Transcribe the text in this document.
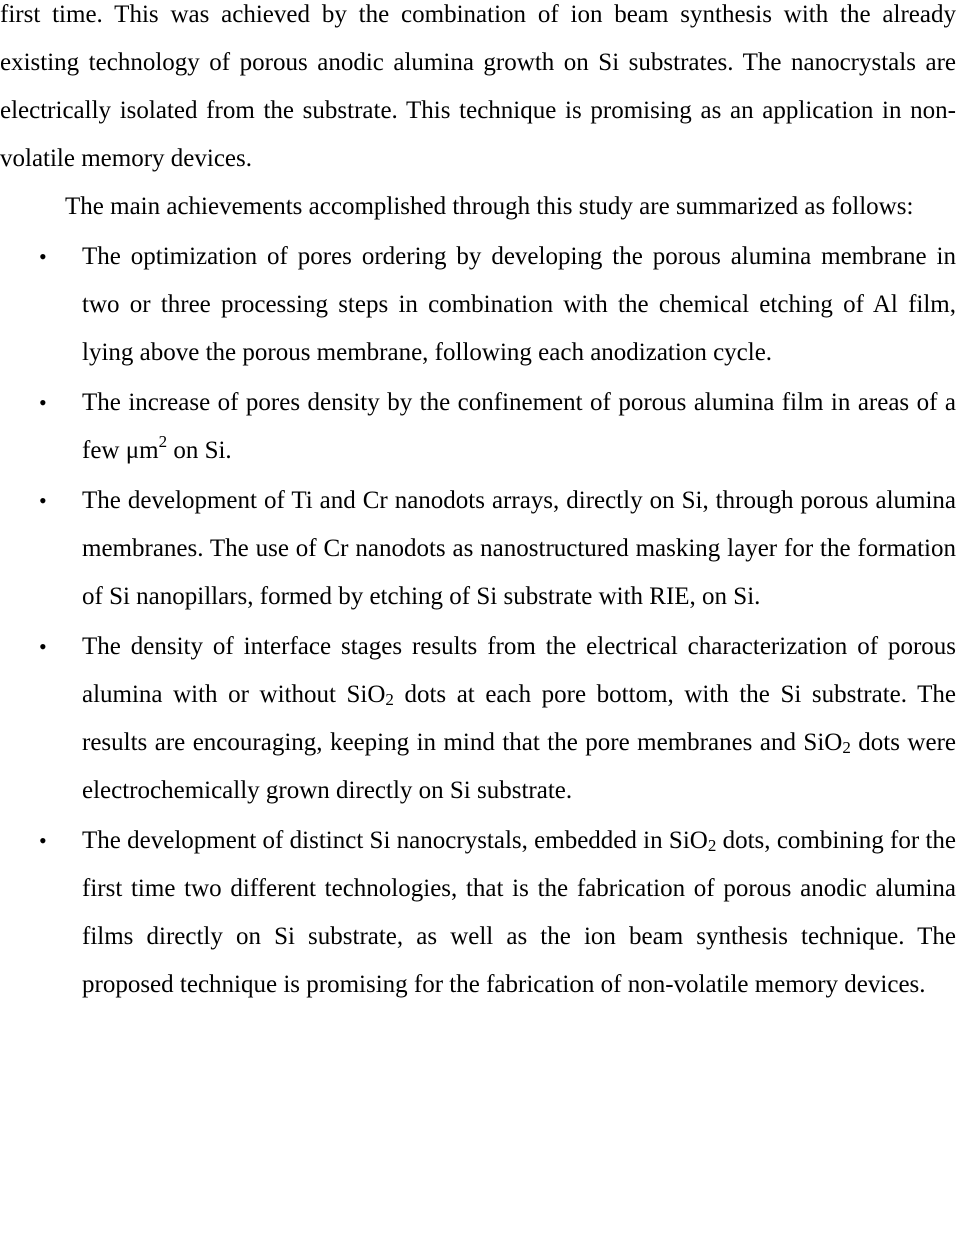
first time. This was achieved by the combination of ion beam synthesis with the already existing technology of porous anodic alumina growth on Si substrates. The nanocrystals are electrically isolated from the substrate. This technique is promising as an application in non-volatile memory devices.

The main achievements accomplished through this study are summarized as follows:

• The optimization of pores ordering by developing the porous alumina membrane in two or three processing steps in combination with the chemical etching of Al film, lying above the porous membrane, following each anodization cycle.
• The increase of pores density by the confinement of porous alumina film in areas of a few $\mu m^2$ on Si.
• The development of Ti and Cr nanodots arrays, directly on Si, through porous alumina membranes. The use of Cr nanodots as nanostructured masking layer for the formation of Si nanopillars, formed by etching of Si substrate with RIE, on Si.
• The density of interface stages results from the electrical characterization of porous alumina with or without SiO2 dots at each pore bottom, with the Si substrate. The results are encouraging, keeping in mind that the pore membranes and SiO2 dots were electrochemically grown directly on Si substrate.
• The development of distinct Si nanocrystals, embedded in SiO2 dots, combining for the first time two different technologies, that is the fabrication of porous anodic alumina films directly on Si substrate, as well as the ion beam synthesis technique. The proposed technique is promising for the fabrication of non-volatile memory devices.
